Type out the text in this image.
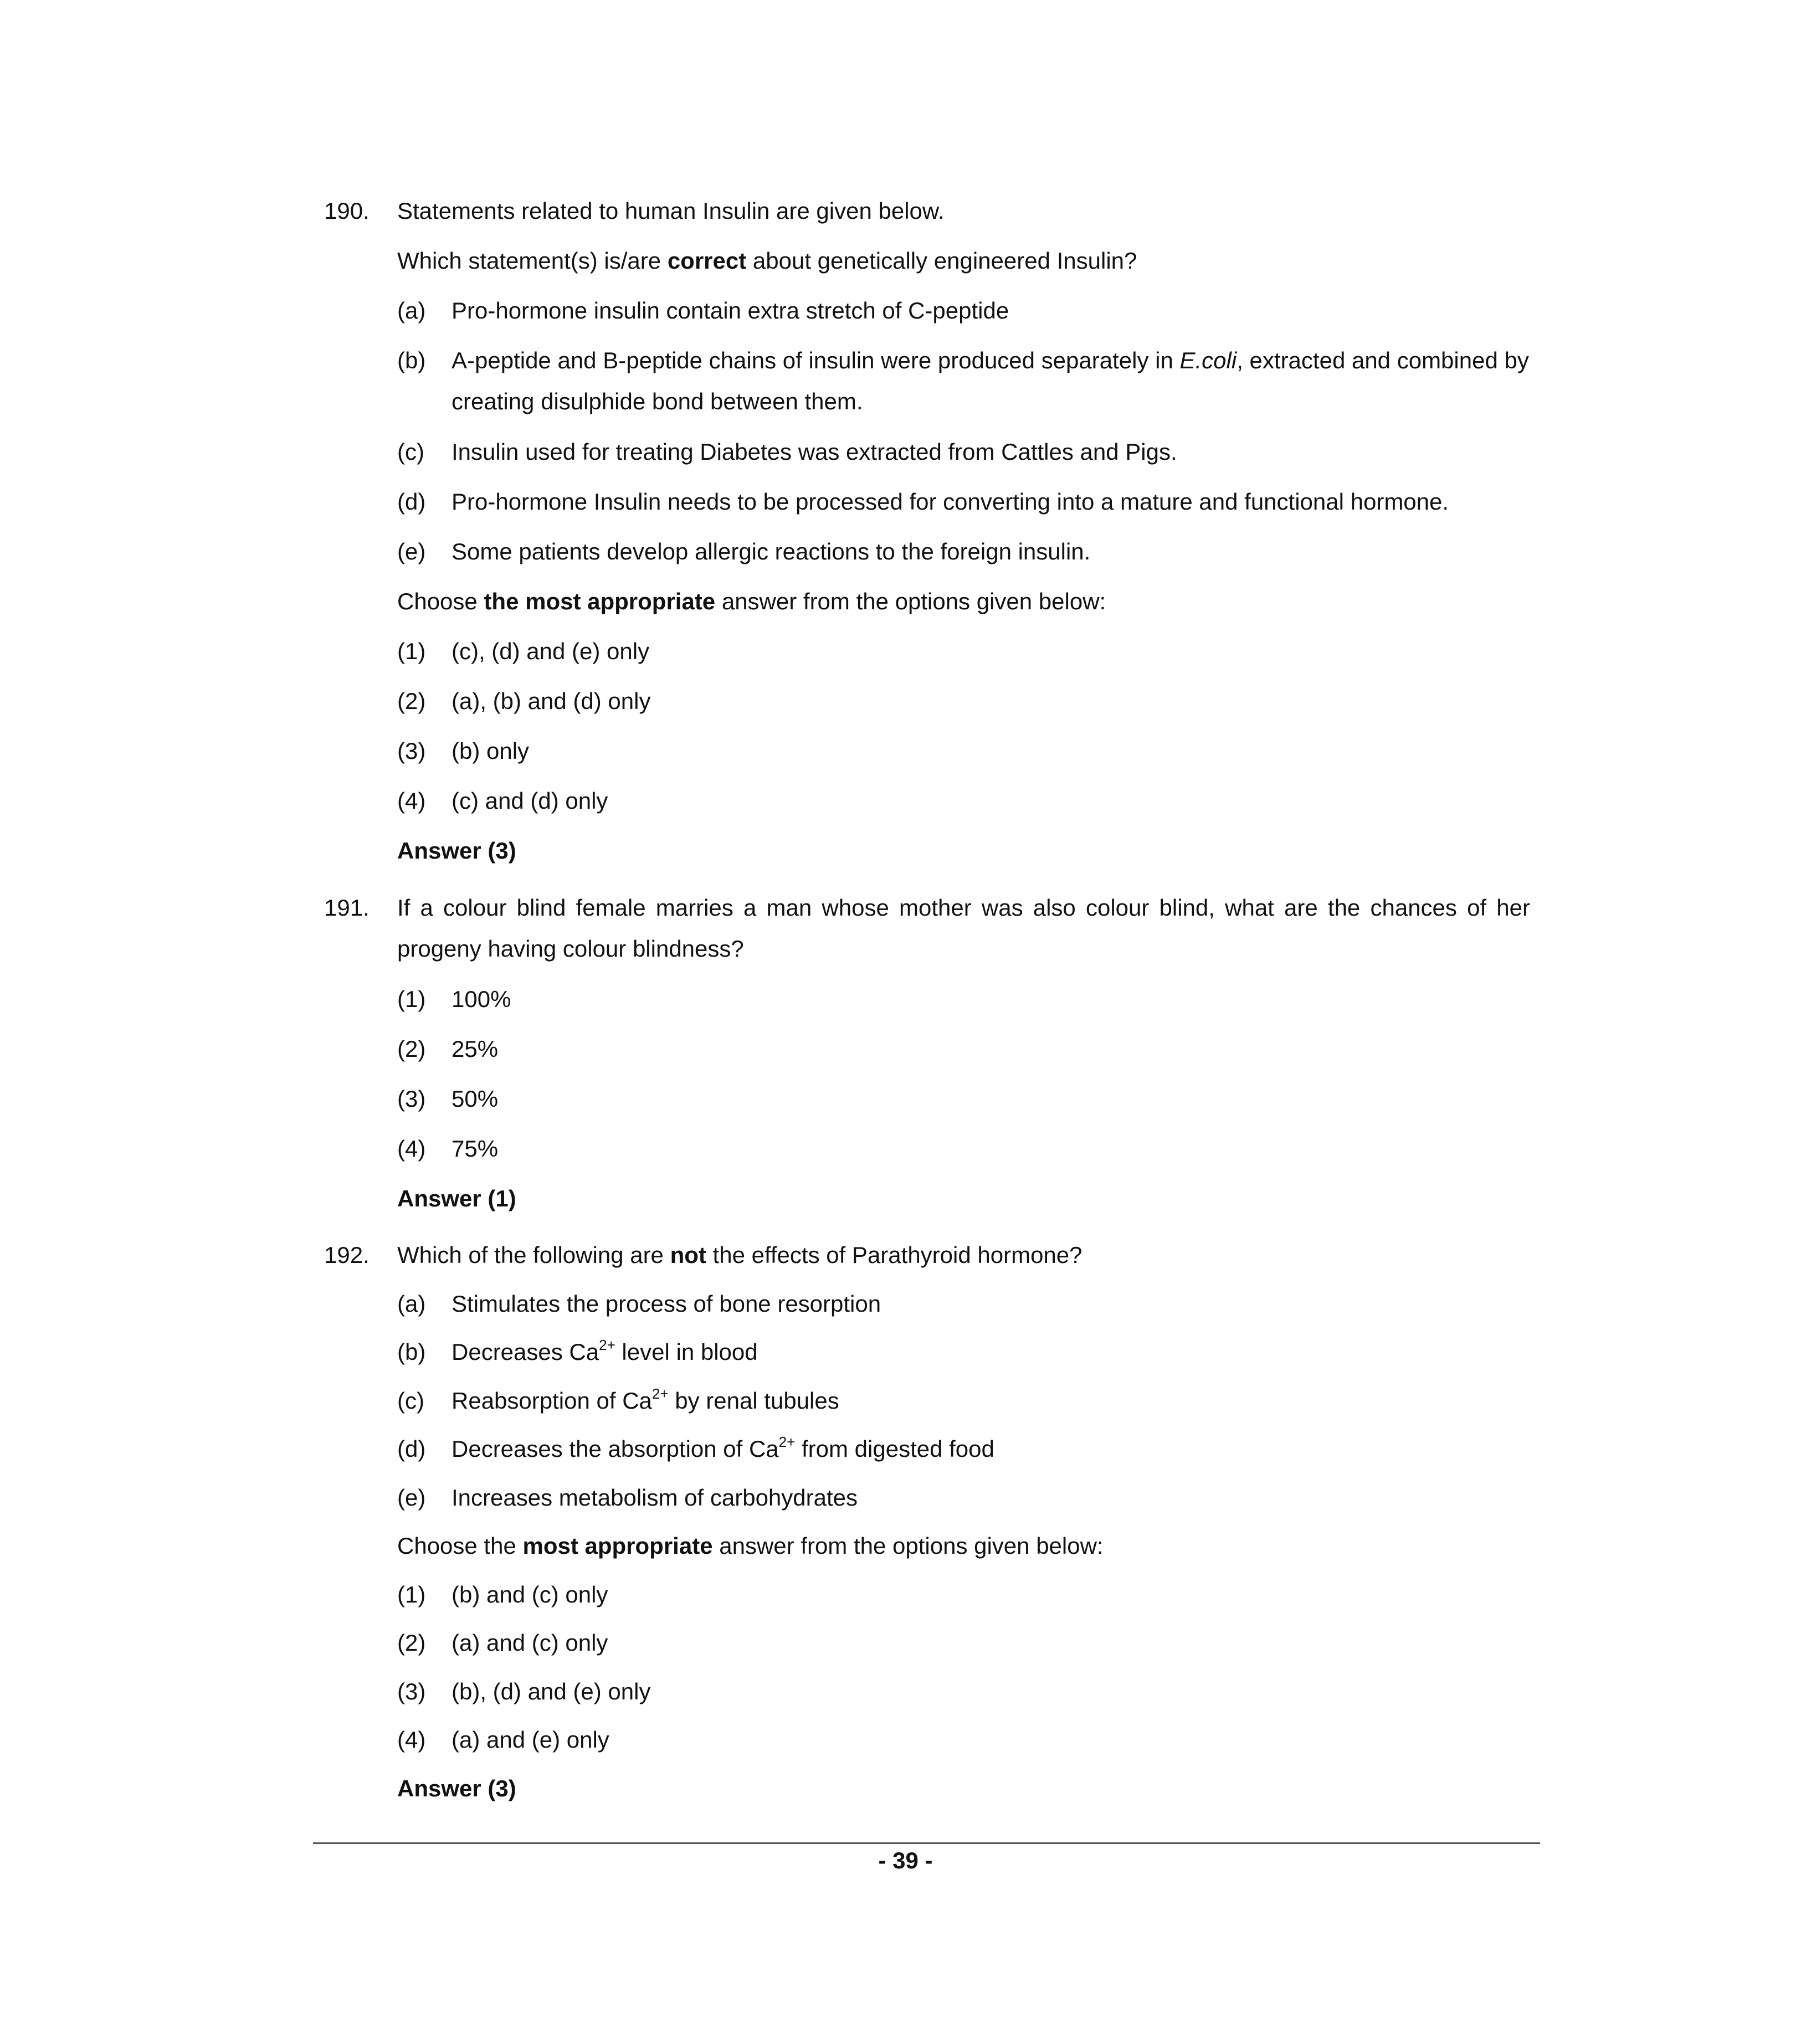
190. Statements related to human Insulin are given below.
Which statement(s) is/are correct about genetically engineered Insulin?
(a) Pro-hormone insulin contain extra stretch of C-peptide
(b) A-peptide and B-peptide chains of insulin were produced separately in E.coli, extracted and combined by creating disulphide bond between them.
(c) Insulin used for treating Diabetes was extracted from Cattles and Pigs.
(d) Pro-hormone Insulin needs to be processed for converting into a mature and functional hormone.
(e) Some patients develop allergic reactions to the foreign insulin.
Choose the most appropriate answer from the options given below:
(1) (c), (d) and (e) only
(2) (a), (b) and (d) only
(3) (b) only
(4) (c) and (d) only
Answer (3)
191. If a colour blind female marries a man whose mother was also colour blind, what are the chances of her progeny having colour blindness?
(1) 100%
(2) 25%
(3) 50%
(4) 75%
Answer (1)
192. Which of the following are not the effects of Parathyroid hormone?
(a) Stimulates the process of bone resorption
(b) Decreases $Ca^{2+}$ level in blood
(c) Reabsorption of $Ca^{2+}$ by renal tubules
(d) Decreases the absorption of $Ca^{2+}$ from digested food
(e) Increases metabolism of carbohydrates
Choose the most appropriate answer from the options given below:
(1) (b) and (c) only
(2) (a) and (c) only
(3) (b), (d) and (e) only
(4) (a) and (e) only
Answer (3)
- 39 -
